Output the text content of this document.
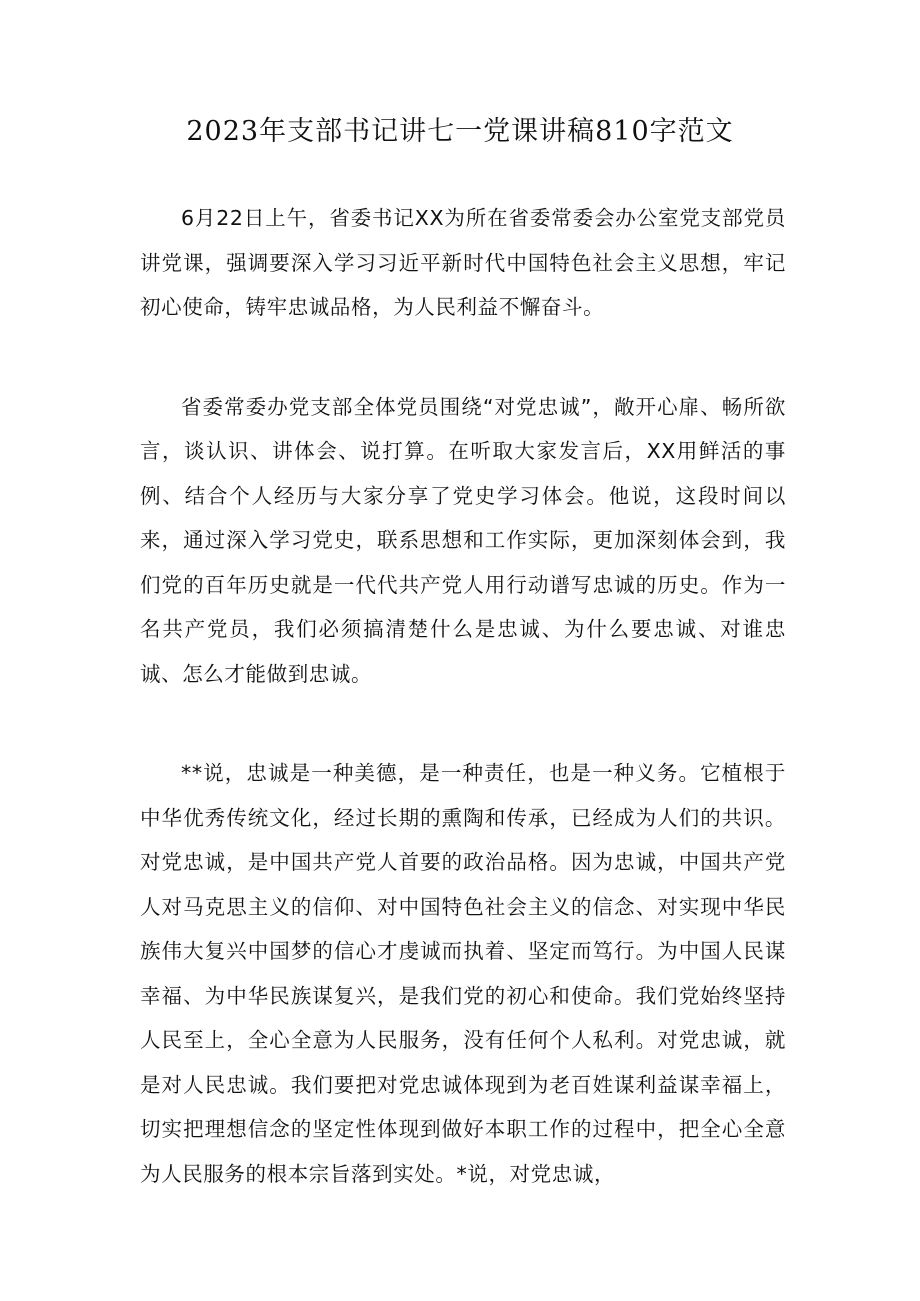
2023年支部书记讲七一党课讲稿810字范文

6月22日上午，省委书记XX为所在省委常委会办公室党支部党员讲党课，强调要深入学习习近平新时代中国特色社会主义思想，牢记初心使命，铸牢忠诚品格，为人民利益不懈奋斗。

省委常委办党支部全体党员围绕“对党忠诚”，敞开心扉、畅所欲言，谈认识、讲体会、说打算。在听取大家发言后，XX用鲜活的事例、结合个人经历与大家分享了党史学习体会。他说，这段时间以来，通过深入学习党史，联系思想和工作实际，更加深刻体会到，我们党的百年历史就是一代代共产党人用行动谱写忠诚的历史。作为一名共产党员，我们必须搞清楚什么是忠诚、为什么要忠诚、对谁忠诚、怎么才能做到忠诚。

**说，忠诚是一种美德，是一种责任，也是一种义务。它植根于中华优秀传统文化，经过长期的熏陶和传承，已经成为人们的共识。对党忠诚，是中国共产党人首要的政治品格。因为忠诚，中国共产党人对马克思主义的信仰、对中国特色社会主义的信念、对实现中华民族伟大复兴中国梦的信心才虔诚而执着、坚定而笃行。为中国人民谋幸福、为中华民族谋复兴，是我们党的初心和使命。我们党始终坚持人民至上，全心全意为人民服务，没有任何个人私利。对党忠诚，就是对人民忠诚。我们要把对党忠诚体现到为老百姓谋利益谋幸福上，切实把理想信念的坚定性体现到做好本职工作的过程中，把全心全意为人民服务的根本宗旨落到实处。*说，对党忠诚，
